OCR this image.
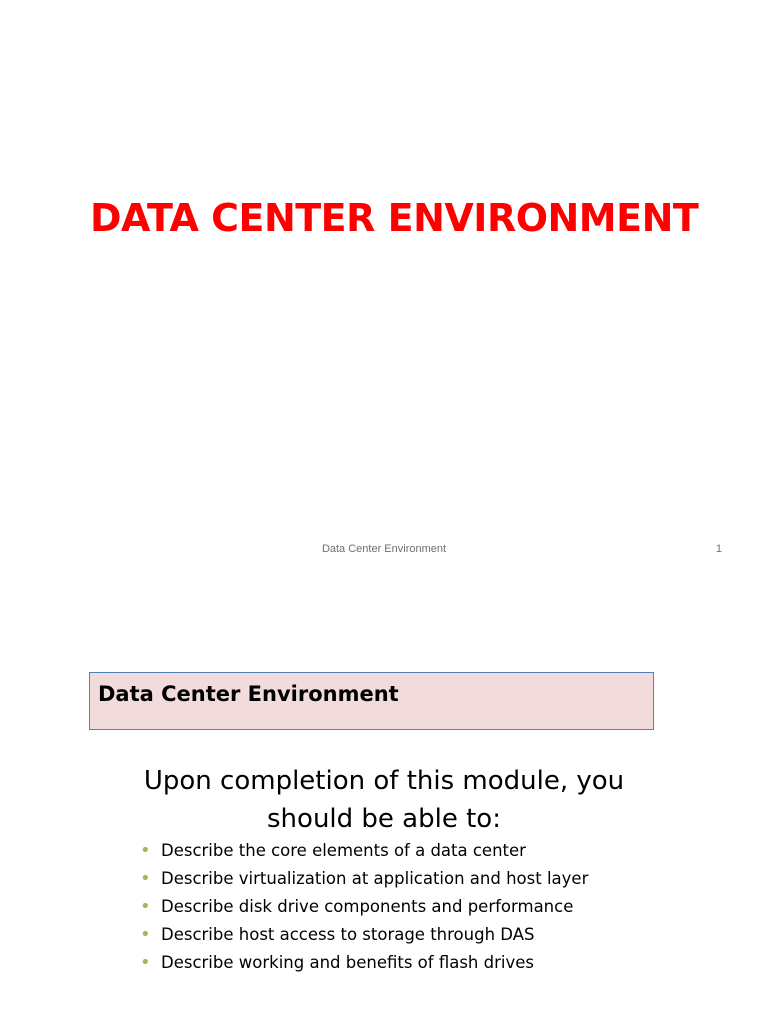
DATA CENTER ENVIRONMENT
Data Center Environment	1
Data Center Environment
Upon completion of this module, you
should be able to:
• Describe the core elements of a data center
• Describe virtualization at application and host layer
• Describe disk drive components and performance
• Describe host access to storage through DAS
• Describe working and benefits of flash drives
